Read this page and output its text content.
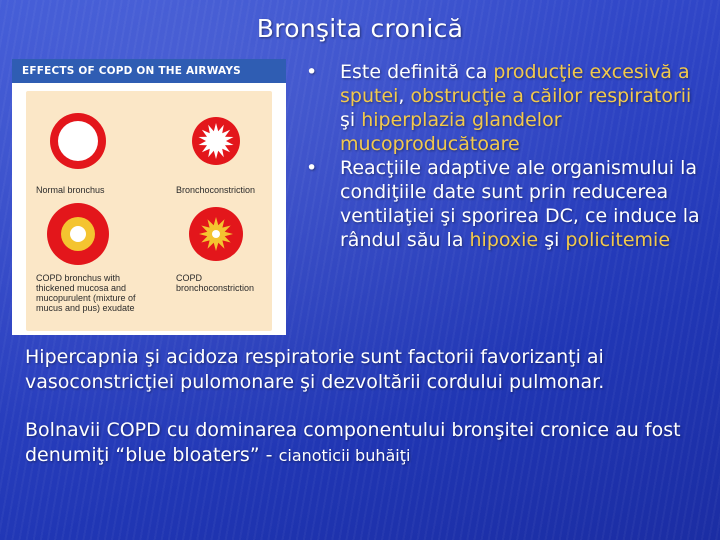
Bronşita cronică
EFFECTS OF COPD ON THE AIRWAYS
Normal bronchus	Bronchoconstriction
COPD bronchus with thickened mucosa and mucopurulent (mixture of mucus and pus) exudate
COPD bronchoconstriction
• Este definită ca producţie excesivă a sputei, obstrucţie a căilor respiratorii şi hiperplazia glandelor mucoproducătoare
• Reacţiile adaptive ale organismului la condiţiile date sunt prin reducerea ventilaţiei şi sporirea DC, ce induce la rândul său la hipoxie şi policitemie
Hipercapnia şi acidoza respiratorie sunt factorii favorizanţi ai vasoconstricţiei pulomonare şi dezvoltării cordului pulmonar.
Bolnavii COPD cu dominarea componentului bronşitei cronice au fost denumiţi “blue bloaters” - cianoticii buhăiţi
